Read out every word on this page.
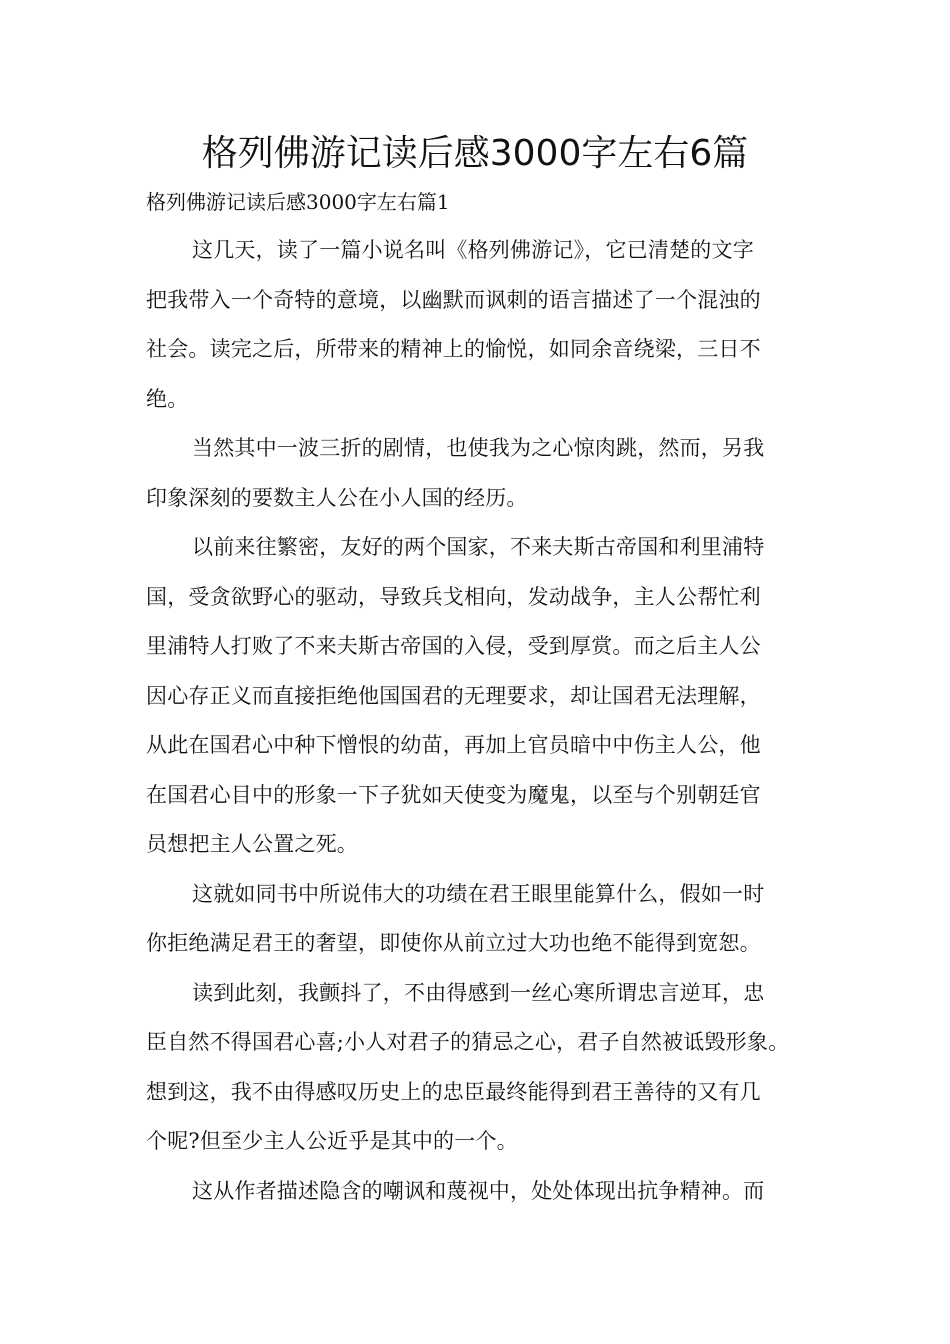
格列佛游记读后感3000字左右6篇

格列佛游记读后感3000字左右篇1

这几天，读了一篇小说名叫《格列佛游记》，它已清楚的文字
把我带入一个奇特的意境，以幽默而讽刺的语言描述了一个混浊的
社会。读完之后，所带来的精神上的愉悦，如同余音绕梁，三日不
绝。
当然其中一波三折的剧情，也使我为之心惊肉跳，然而，另我
印象深刻的要数主人公在小人国的经历。
以前来往繁密，友好的两个国家，不来夫斯古帝国和利里浦特
国，受贪欲野心的驱动，导致兵戈相向，发动战争，主人公帮忙利
里浦特人打败了不来夫斯古帝国的入侵，受到厚赏。而之后主人公
因心存正义而直接拒绝他国国君的无理要求，却让国君无法理解，
从此在国君心中种下憎恨的幼苗，再加上官员暗中中伤主人公，他
在国君心目中的形象一下子犹如天使变为魔鬼，以至与个别朝廷官
员想把主人公置之死。
这就如同书中所说伟大的功绩在君王眼里能算什么，假如一时
你拒绝满足君王的奢望，即使你从前立过大功也绝不能得到宽恕。
读到此刻，我颤抖了，不由得感到一丝心寒所谓忠言逆耳，忠
臣自然不得国君心喜;小人对君子的猜忌之心，君子自然被诋毁形象。
想到这，我不由得感叹历史上的忠臣最终能得到君王善待的又有几
个呢?但至少主人公近乎是其中的一个。
这从作者描述隐含的嘲讽和蔑视中，处处体现出抗争精神。而
